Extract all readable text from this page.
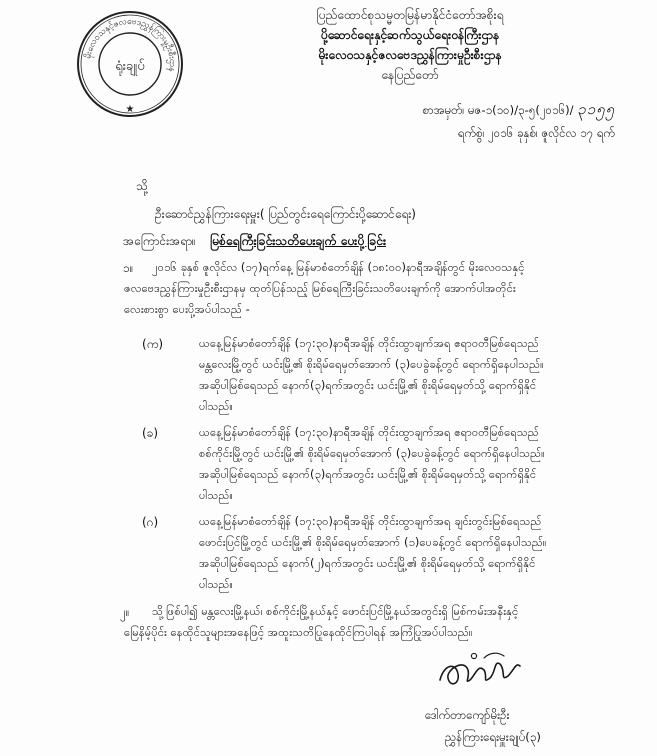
မိုးလေဝသနှင့်ဇလဗေဒညွှန်ကြားမှုဦးစီးဌာန
ရုံးချုပ်
★
ပြည်ထောင်စုသမ္မတမြန်မာနိုင်ငံတော်အစိုးရ
ပို့ဆောင်ရေးနှင့်ဆက်သွယ်ရေးဝန်ကြီးဌာန
မိုးလေဝသနှင့်ဇလဗေဒညွှန်ကြားမှုဦးစီးဌာန
နေပြည်တော်
စာအမှတ်၊ မဇ-၁(၁၀)/၃-၅(၂၀၁၆)/ ၃၁၅၅
ရက်စွဲ၊ ၂၀၁၆ ခုနှစ်၊ ဇူလိုင်လ ၁၇ ရက်
သို့
ဦးဆောင်ညွှန်ကြားရေးမှူး( ပြည်တွင်းရေကြောင်းပို့ဆောင်ရေး)
အကြောင်းအရာ။ မြစ်ရေကြီးခြင်းသတိပေးချက် ပေးပို့ခြင်း
၁။ ၂၀၁၆ ခုနှစ် ဇူလိုင်လ (၁၇)ရက်နေ့ မြန်မာစံတော်ချိန် (၁၈:၀၀)နာရီအချိန်တွင် မိုးလေဝသနှင့်
ဇလဗေဒညွှန်ကြားမှုဦးစီးဌာနမှ ထုတ်ပြန်သည့် မြစ်ရေကြီးခြင်းသတိပေးချက်ကို အောက်ပါအတိုင်း
လေးစားစွာ ပေးပို့အပ်ပါသည် -
(က)	ယနေ့မြန်မာစံတော်ချိန် (၁၇:၃၀)နာရီအချိန် တိုင်းထွာချက်အရ ဧရာဝတီမြစ်ရေသည်
မန္တလေးမြို့တွင် ယင်းမြို့၏ စိုးရိမ်ရေမှတ်အောက် (၃)ပေခွဲခန့်တွင် ရောက်ရှိနေပါသည်။
အဆိုပါမြစ်ရေသည် နောက်(၃)ရက်အတွင်း ယင်းမြို့၏ စိုးရိမ်ရေမှတ်သို့ ရောက်ရှိနိုင်
ပါသည်။
(ခ)	ယနေ့မြန်မာစံတော်ချိန် (၁၇:၃၀)နာရီအချိန် တိုင်းထွာချက်အရ ဧရာဝတီမြစ်ရေသည်
စစ်ကိုင်းမြို့တွင် ယင်းမြို့၏ စိုးရိမ်ရေမှတ်အောက် (၃)ပေခွဲခန့်တွင် ရောက်ရှိနေပါသည်။
အဆိုပါမြစ်ရေသည် နောက်(၃)ရက်အတွင်း ယင်းမြို့၏ စိုးရိမ်ရေမှတ်သို့ ရောက်ရှိနိုင်
ပါသည်။
(ဂ)	ယနေ့မြန်မာစံတော်ချိန် (၁၇:၃၀)နာရီအချိန် တိုင်းထွာချက်အရ ချင်းတွင်းမြစ်ရေသည်
ဖောင်းပြင်မြို့တွင် ယင်းမြို့၏ စိုးရိမ်ရေမှတ်အောက် (၁)ပေခန့်တွင် ရောက်ရှိနေပါသည်။
အဆိုပါမြစ်ရေသည် နောက်(၂)ရက်အတွင်း ယင်းမြို့၏ စိုးရိမ်ရေမှတ်သို့ ရောက်ရှိနိုင်
ပါသည်။
၂။ သို့ဖြစ်ပါ၍ မန္တလေးမြို့နယ်၊ စစ်ကိုင်းမြို့နယ်နှင့် ဖောင်းပြင်မြို့နယ်အတွင်းရှိ မြစ်ကမ်းအနီးနှင့်
မြေနိမ့်ပိုင်း နေထိုင်သူများအနေဖြင့် အထူးသတိပြုနေထိုင်ကြပါရန် အကြံပြုအပ်ပါသည်။
ဒေါက်တာကျော်မိုးဦး
ညွှန်ကြားရေးမှူးချုပ်(၃)
